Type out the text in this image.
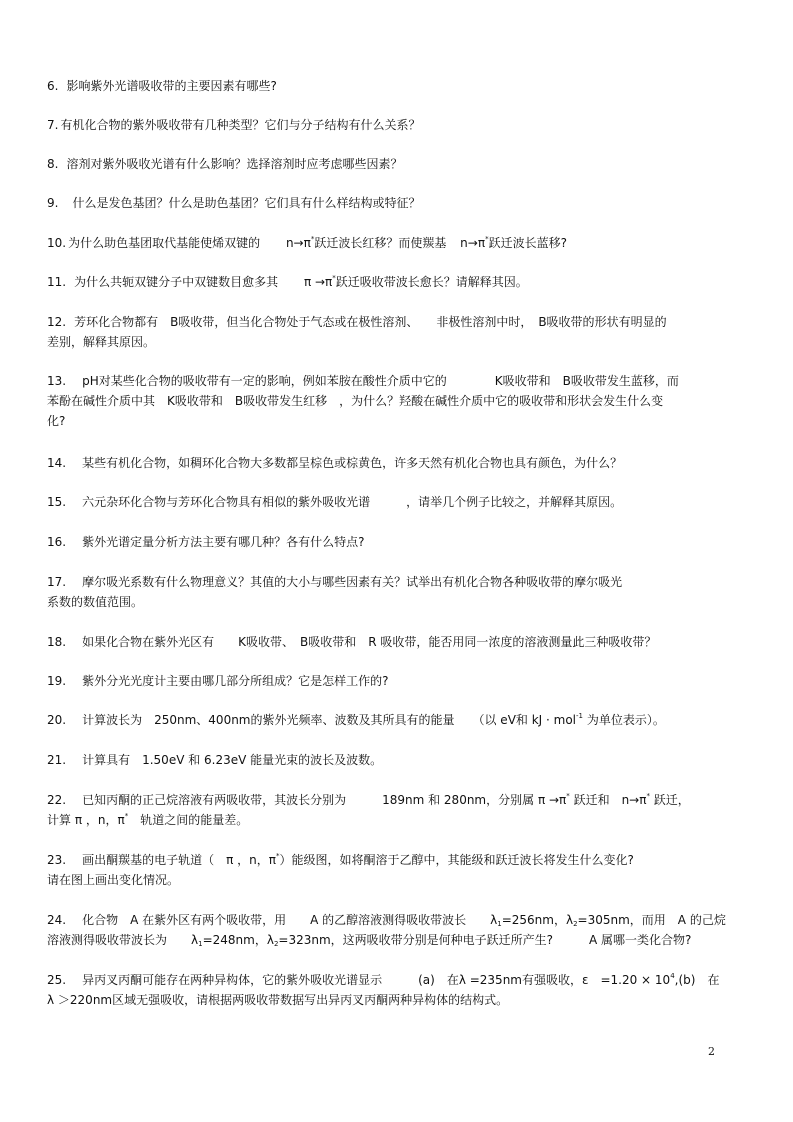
6. 影响紫外光谱吸收带的主要因素有哪些?
7. 有机化合物的紫外吸收带有几种类型？它们与分子结构有什么关系？
8. 溶剂对紫外吸收光谱有什么影响？选择溶剂时应考虑哪些因素？
9. 什么是发色基团？什么是助色基团？它们具有什么样结构或特征？
10. 为什么助色基团取代基能使烯双键的 n→π*跃迁波长红移？而使羰基 n→π*跃迁波长蓝移?
11. 为什么共轭双键分子中双键数目愈多其 π →π*跃迁吸收带波长愈长？请解释其因。
12. 芳环化合物都有　B吸收带，但当化合物处于气态或在极性溶剂、　　非极性溶剂中时，　B吸收带的形状有明显的
差别，解释其原因。
13. pH对某些化合物的吸收带有一定的影响，例如苯胺在酸性介质中它的　　　　K吸收带和　B吸收带发生蓝移，而
苯酚在碱性介质中其　K吸收带和　B吸收带发生红移　，为什么？羟酸在碱性介质中它的吸收带和形状会发生什么变
化?
14. 某些有机化合物，如稠环化合物大多数都呈棕色或棕黄色，许多天然有机化合物也具有颜色，为什么？
15. 六元杂环化合物与芳环化合物具有相似的紫外吸收光谱　　　，请举几个例子比较之，并解释其原因。
16. 紫外光谱定量分析方法主要有哪几种？各有什么特点?
17. 摩尔吸光系数有什么物理意义？其值的大小与哪些因素有关？试举出有机化合物各种吸收带的摩尔吸光
系数的数值范围。
18. 如果化合物在紫外光区有　　K吸收带、　B吸收带和　R 吸收带，能否用同一浓度的溶液测量此三种吸收带？
19. 紫外分光光度计主要由哪几部分所组成？它是怎样工作的?
20. 计算波长为　250nm、400nm的紫外光频率、波数及其所具有的能量　　（以 eV和 kJ · mol$^{-1}$ 为单位表示）。
21. 计算具有　1.50eV 和 6.23eV 能量光束的波长及波数。
22. 已知丙酮的正己烷溶液有两吸收带，其波长分别为　　　189nm 和 280nm，分别属 π →π* 跃迁和　n→π* 跃迁，
计算 π ，n，π*　轨道之间的能量差。
23. 画出酮羰基的电子轨道（　π ，n，π*）能级图，如将酮溶于乙醇中，其能级和跃迁波长将发生什么变化?
请在图上画出变化情况。
24. 化合物　A 在紫外区有两个吸收带，用　　A 的乙醇溶液测得吸收带波长　　$\lambda_1=256nm$，$\lambda_2=305nm$，而用　A 的己烷
溶液测得吸收带波长为　　$\lambda_1=248nm$，$\lambda_2=323nm$，这两吸收带分别是何种电子跃迁所产生?　　　A 属哪一类化合物?
25. 异丙叉丙酮可能存在两种异构体，它的紫外吸收光谱显示　　　(a)　在λ =235nm有强吸收，ε　$=1.20 \times 10^4,(b)$　在
λ ＞220nm区域无强吸收，请根据两吸收带数据写出异丙叉丙酮两种异构体的结构式。
2
